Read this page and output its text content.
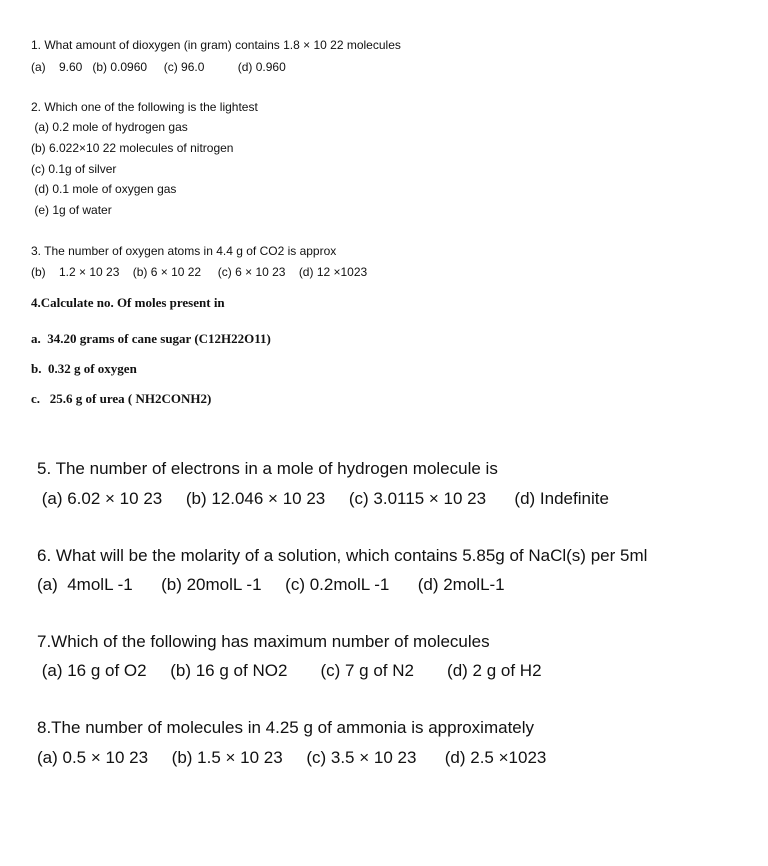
1. What amount of dioxygen (in gram) contains 1.8 × 10 22 molecules
(a)    9.60   (b) 0.0960     (c) 96.0          (d) 0.960
2. Which one of the following is the lightest
(a) 0.2 mole of hydrogen gas
(b) 6.022×10 22 molecules of nitrogen
(c) 0.1g of silver
(d) 0.1 mole of oxygen gas
(e) 1g of water
3. The number of oxygen atoms in 4.4 g of CO2 is approx
(b)    1.2 × 10 23    (b) 6 × 10 22     (c) 6 × 10 23    (d) 12 ×1023
4.Calculate no. Of moles present in
a.  34.20 grams of cane sugar (C12H22O11)
b.  0.32 g of oxygen
c.   25.6 g of urea ( NH2CONH2)
5. The number of electrons in a mole of hydrogen molecule is
(a) 6.02 × 10 23     (b) 12.046 × 10 23     (c) 3.0115 × 10 23      (d) Indefinite
6. What will be the molarity of a solution, which contains 5.85g of NaCl(s) per 5ml
(a)  4molL -1      (b) 20molL -1     (c) 0.2molL -1      (d) 2molL-1
7.Which of the following has maximum number of molecules
(a) 16 g of O2     (b) 16 g of NO2       (c) 7 g of N2       (d) 2 g of H2
8.The number of molecules in 4.25 g of ammonia is approximately
(a) 0.5 × 10 23     (b) 1.5 × 10 23     (c) 3.5 × 10 23      (d) 2.5 ×1023
